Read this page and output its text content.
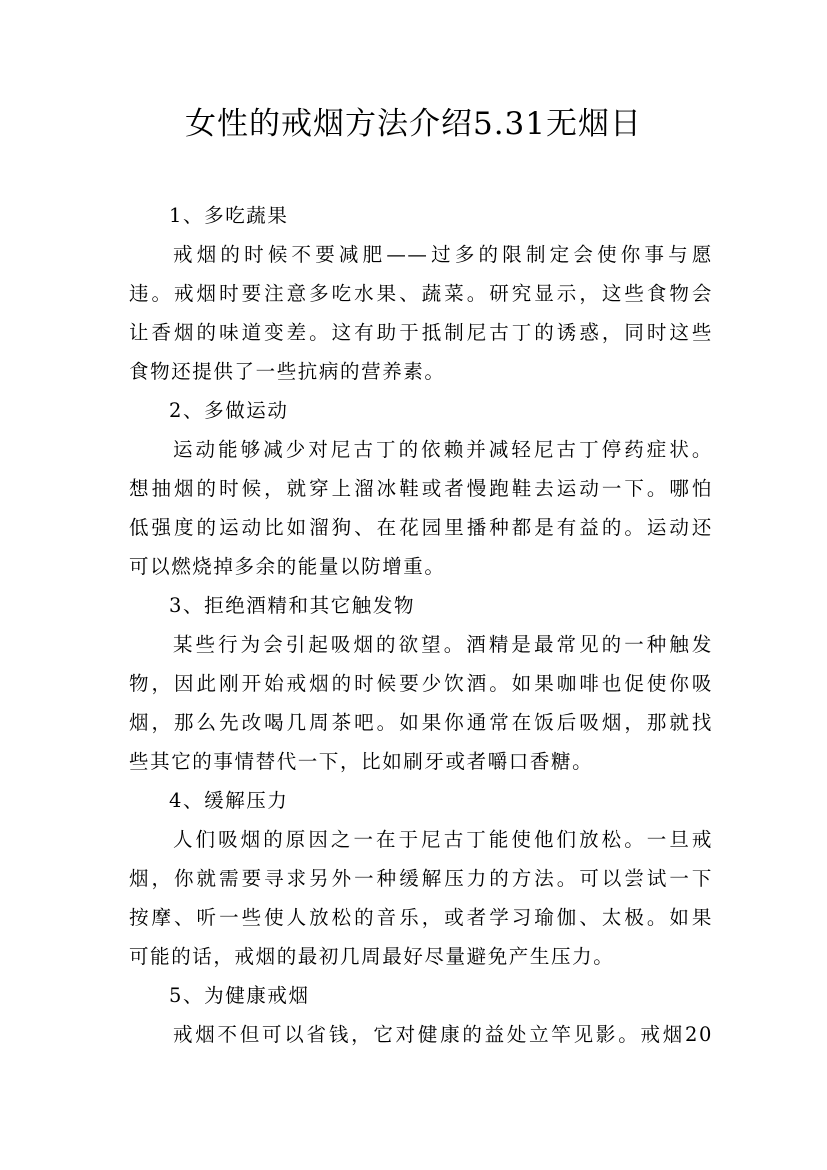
女性的戒烟方法介绍5.31无烟日

1、多吃蔬果

戒烟的时候不要减肥——过多的限制定会使你事与愿

违。戒烟时要注意多吃水果、蔬菜。研究显示，这些食物会

让香烟的味道变差。这有助于抵制尼古丁的诱惑，同时这些

食物还提供了一些抗病的营养素。

2、多做运动

运动能够减少对尼古丁的依赖并减轻尼古丁停药症状。

想抽烟的时候，就穿上溜冰鞋或者慢跑鞋去运动一下。哪怕

低强度的运动比如溜狗、在花园里播种都是有益的。运动还

可以燃烧掉多余的能量以防增重。

3、拒绝酒精和其它触发物

某些行为会引起吸烟的欲望。酒精是最常见的一种触发

物，因此刚开始戒烟的时候要少饮酒。如果咖啡也促使你吸

烟，那么先改喝几周茶吧。如果你通常在饭后吸烟，那就找

些其它的事情替代一下，比如刷牙或者嚼口香糖。

4、缓解压力

人们吸烟的原因之一在于尼古丁能使他们放松。一旦戒

烟，你就需要寻求另外一种缓解压力的方法。可以尝试一下

按摩、听一些使人放松的音乐，或者学习瑜伽、太极。如果

可能的话，戒烟的最初几周最好尽量避免产生压力。

5、为健康戒烟

戒烟不但可以省钱，它对健康的益处立竿见影。戒烟20
